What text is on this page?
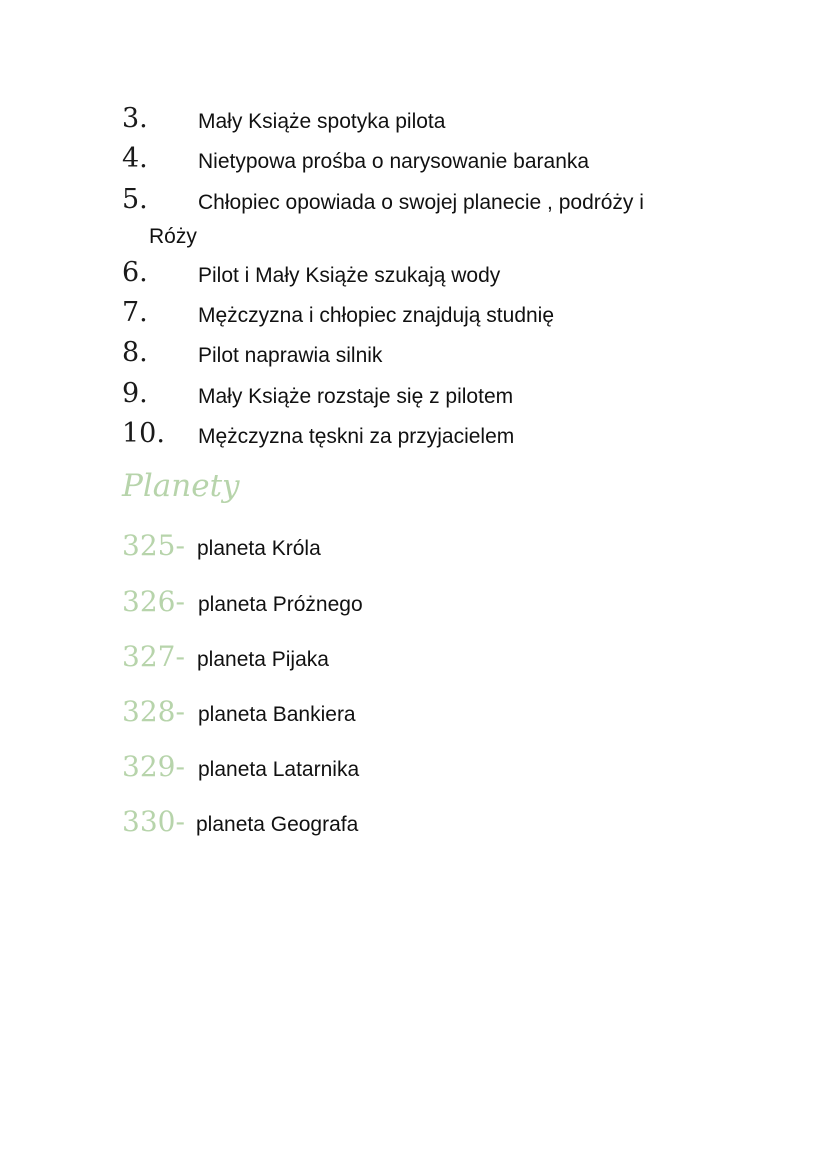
3. Mały Książe spotyka pilota
4. Nietypowa prośba o narysowanie baranka
5. Chłopiec opowiada o swojej planecie , podróży i
Róży
6. Pilot i Mały Książe szukają wody
7. Mężczyzna i chłopiec znajdują studnię
8. Pilot naprawia silnik
9. Mały Książe rozstaje się z pilotem
10. Mężczyzna tęskni za przyjacielem
Planety
325- planeta Króla
326- planeta Próżnego
327- planeta Pijaka
328- planeta Bankiera
329- planeta Latarnika
330- planeta Geografa
